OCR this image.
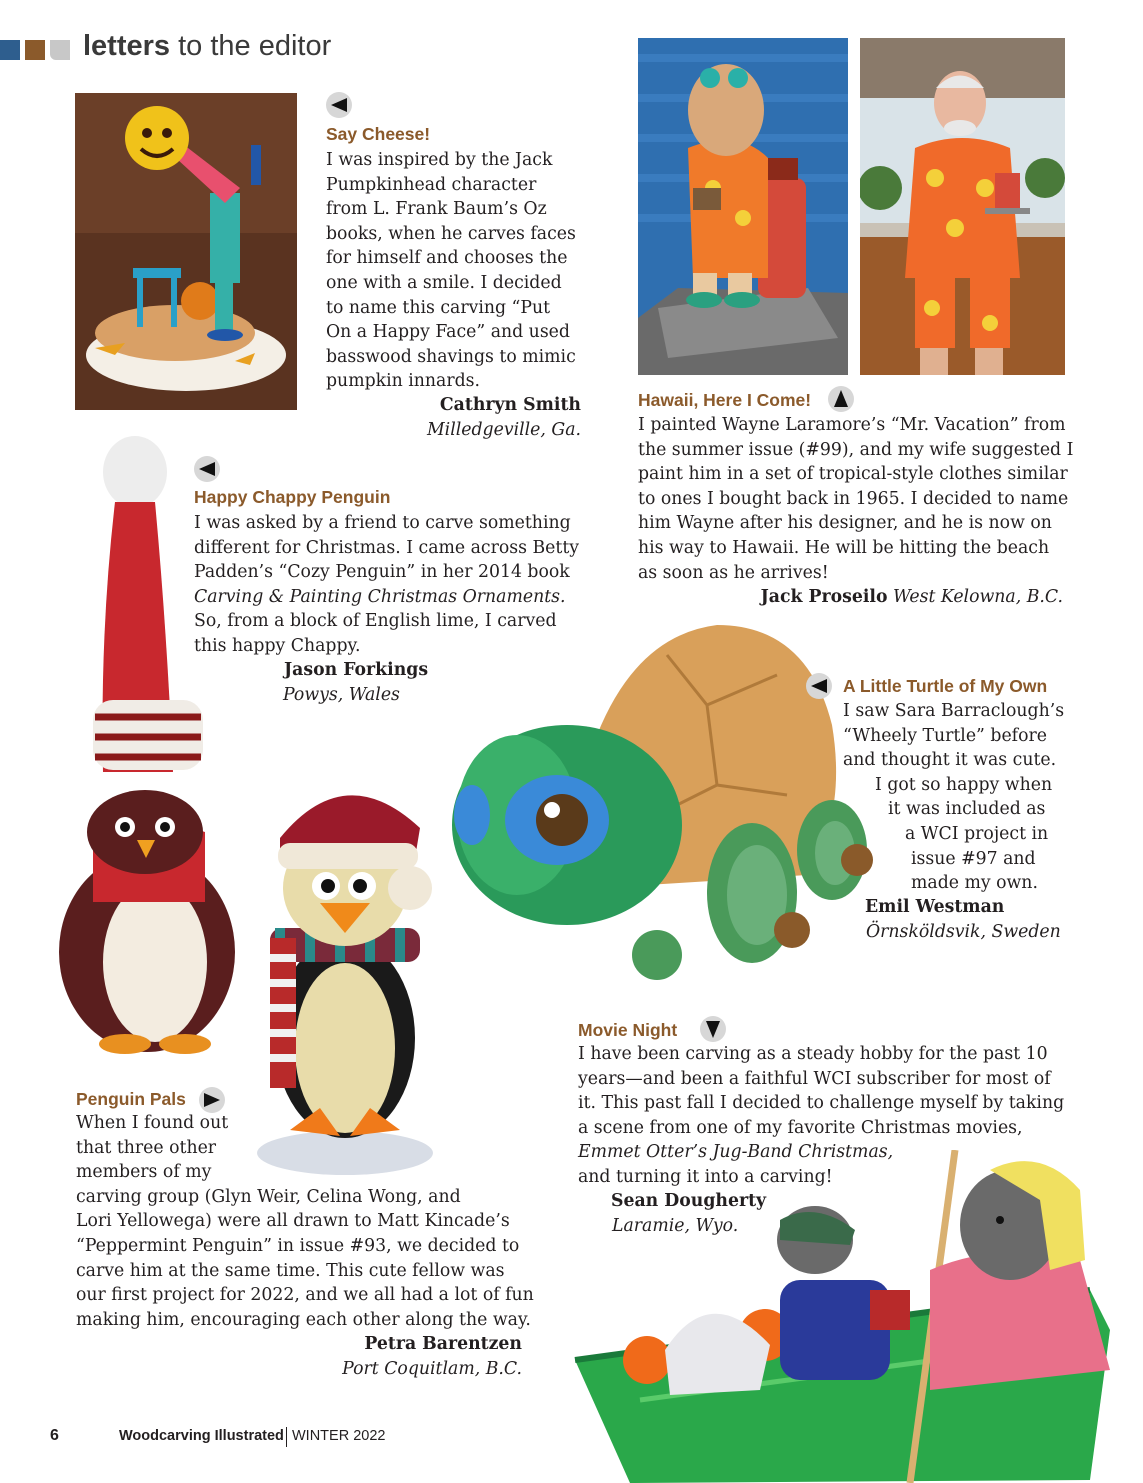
letters to the editor
Say Cheese!

I was inspired by the Jack

Pumpkinhead character

from L. Frank Baum’s Oz

books, when he carves faces

for himself and chooses the

one with a smile. I decided

to name this carving “Put

On a Happy Face” and used

basswood shavings to mimic

pumpkin innards.

Cathryn Smith
Milledgeville, Ga.
Hawaii, Here I Come!

I painted Wayne Laramore’s “Mr. Vacation” from

the summer issue (#99), and my wife suggested I

paint him in a set of tropical-style clothes similar

to ones I bought back in 1965. I decided to name

him Wayne after his designer, and he is now on

his way to Hawaii. He will be hitting the beach

as soon as he arrives!

Jack Proseilo West Kelowna, B.C.
Happy Chappy Penguin

I was asked by a friend to carve something

different for Christmas. I came across Betty

Padden’s “Cozy Penguin” in her 2014 book

Carving & Painting Christmas Ornaments.

So, from a block of English lime, I carved

this happy Chappy.

Jason Forkings
Powys, Wales	A Little Turtle of My Own

I saw Sara Barraclough’s

“Wheely Turtle” before

and thought it was cute.

I got so happy when

it was included as

a WCI project in

issue #97 and

made my own.

Emil Westman
Örnsköldsvik, Sweden
Movie Night

I have been carving as a steady hobby for the past 10

years—and been a faithful WCI subscriber for most of

it. This past fall I decided to challenge myself by taking

a scene from one of my favorite Christmas movies,

Emmet Otter’s Jug-Band Christmas,

and turning it into a carving!

Sean Dougherty
Laramie, Wyo.
Penguin Pals

When I found out

that three other

members of my

carving group (Glyn Weir, Celina Wong, and

Lori Yellowega) were all drawn to Matt Kincade’s

“Peppermint Penguin” in issue #93, we decided to

carve him at the same time. This cute fellow was

our first project for 2022, and we all had a lot of fun

making him, encouraging each other along the way.

Petra Barentzen
Port Coquitlam, B.C.
6	Woodcarving Illustrated WINTER 2022
